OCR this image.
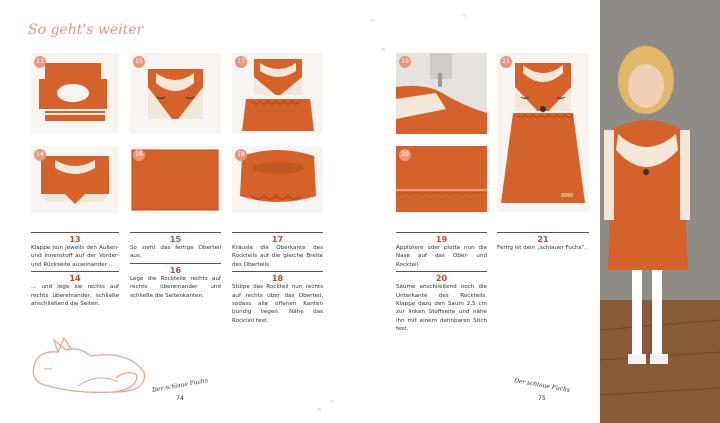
So geht's weiter
13	15	17
14	16	18
13
Klappe nun jeweils den Außen- und Innenstoff auf der Vorder- und Rückseite auseinander ...
14
... und lege sie rechts auf rechts übereinander, schließe anschließend die Seiten.
15
So sieht das fertige Oberteil aus.
16
Lege die Rockteile rechts auf rechts übereinander und schließe die Seitenkanten.
17
Kräusle die Oberkante des Rockteils auf die gleiche Breite des Oberteils.
18
Stülpe das Rockteil nun rechts auf rechts über das Oberteil, sodass alle offenen Kanten bündig liegen. Nähe das Rockteil fest.
Der schlaue Fuchs
74
19	21
20
19
Appliziere oder plotte nun die Nase auf das Ober- und Rockteil.
20
Säume anschließend noch die Unterkante des Rockteils. Klappe dazu den Saum 2,5 cm zur linken Stoffseite und nähe ihn mit einem dehnbaren Stich fest.
21
Fertig ist dein „schlauer Fuchs“.
Der schlaue Fuchs
75
